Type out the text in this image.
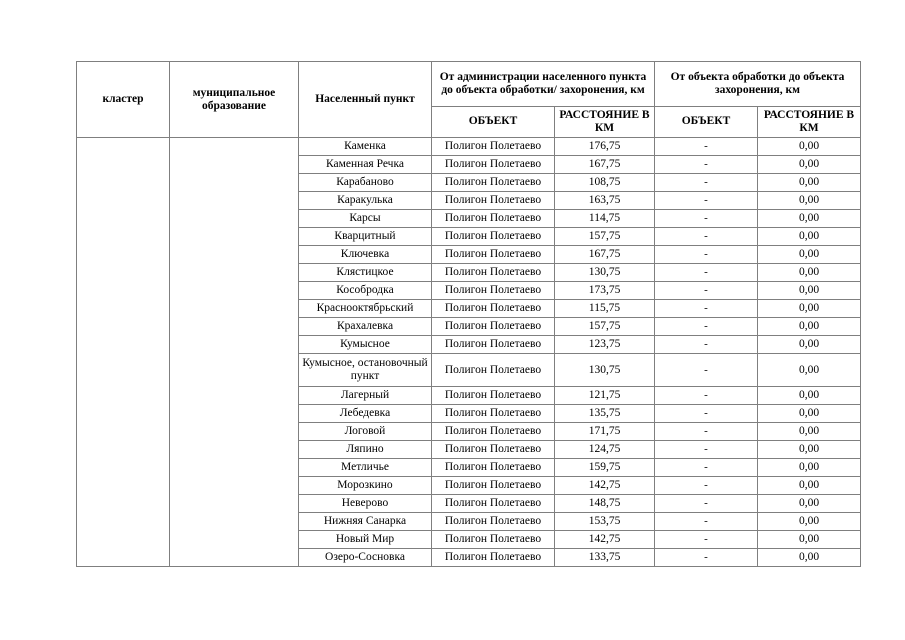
кластер	муниципальное образование	Населенный пункт	От администрации населенного пункта до объекта обработки/ захоронения, км		От объекта обработки до объекта захоронения, км	
			ОБЪЕКТ	РАССТОЯНИЕ В КМ	ОБЪЕКТ	РАССТОЯНИЕ В КМ
		Каменка	Полигон Полетаево	176,75	-	0,00
		Каменная Речка	Полигон Полетаево	167,75	-	0,00
		Карабаново	Полигон Полетаево	108,75	-	0,00
		Каракулька	Полигон Полетаево	163,75	-	0,00
		Карсы	Полигон Полетаево	114,75	-	0,00
		Кварцитный	Полигон Полетаево	157,75	-	0,00
		Ключевка	Полигон Полетаево	167,75	-	0,00
		Клястицкое	Полигон Полетаево	130,75	-	0,00
		Кособродка	Полигон Полетаево	173,75	-	0,00
		Краснооктябрьский	Полигон Полетаево	115,75	-	0,00
		Крахалевка	Полигон Полетаево	157,75	-	0,00
		Кумысное	Полигон Полетаево	123,75	-	0,00
		Кумысное, остановочный пункт	Полигон Полетаево	130,75	-	0,00
		Лагерный	Полигон Полетаево	121,75	-	0,00
		Лебедевка	Полигон Полетаево	135,75	-	0,00
		Логовой	Полигон Полетаево	171,75	-	0,00
		Ляпино	Полигон Полетаево	124,75	-	0,00
		Метличье	Полигон Полетаево	159,75	-	0,00
		Морозкино	Полигон Полетаево	142,75	-	0,00
		Неверово	Полигон Полетаево	148,75	-	0,00
		Нижняя Санарка	Полигон Полетаево	153,75	-	0,00
		Новый Мир	Полигон Полетаево	142,75	-	0,00
		Озеро-Сосновка	Полигон Полетаево	133,75	-	0,00
